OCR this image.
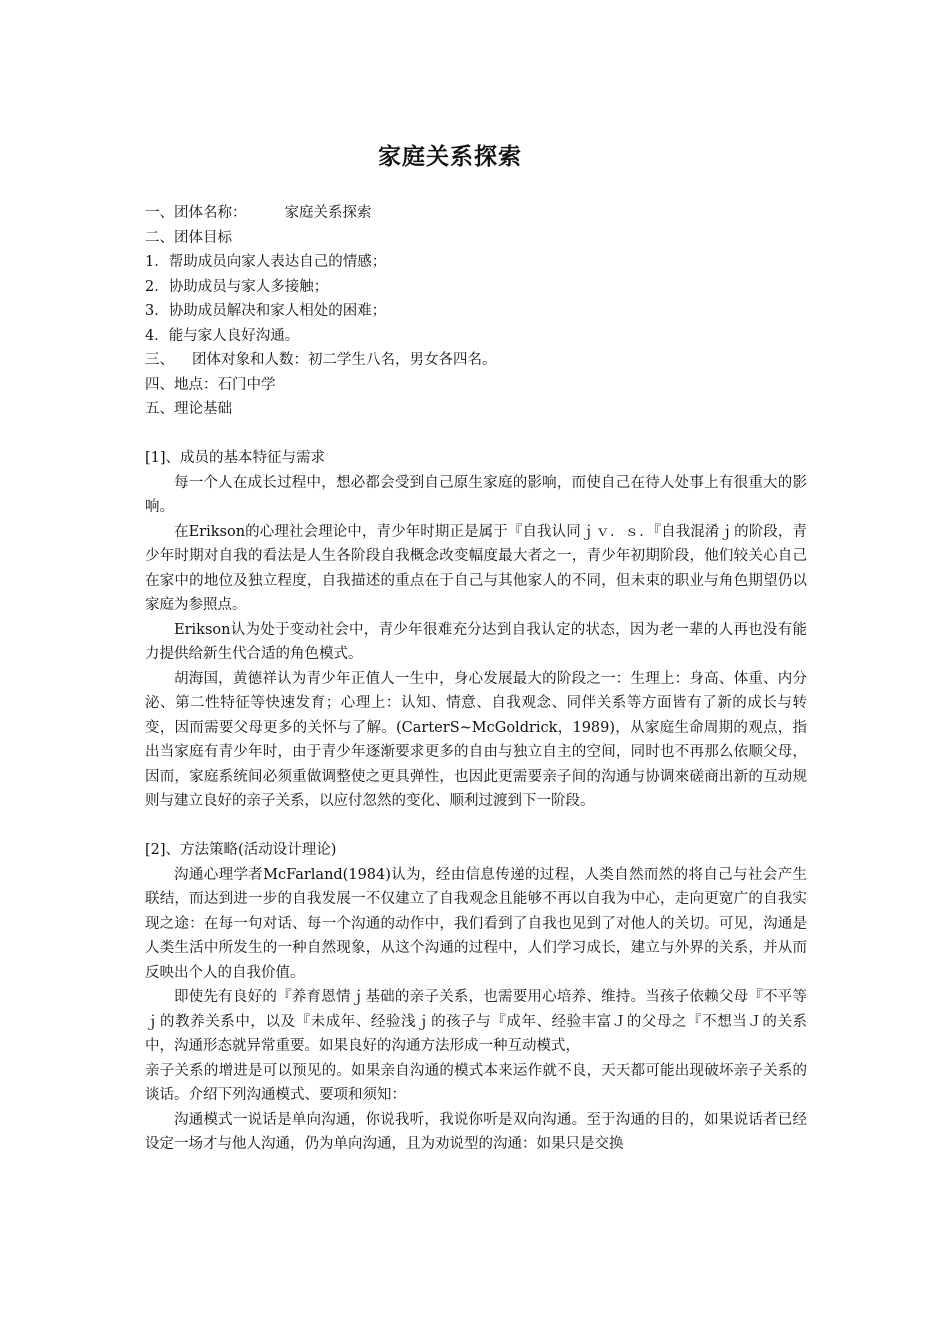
家庭关系探索
一、团体名称：	家庭关系探索
二、团体目标
1．帮助成员向家人表达自己的情感；
2．协助成员与家人多接触；
3．协助成员解决和家人相处的困难；
4．能与家人良好沟通。
三、 团体对象和人数：初二学生八名，男女各四名。
四、地点：石门中学
五、理论基础
[1]、成员的基本特征与需求

每一个人在成长过程中，想必都会受到自己原生家庭的影响，而使自己在待人处事上有很重大的影响。

在Erikson的心理社会理论中，青少年时期正是属于『自我认同ｊｖ．ｓ．『自我混淆ｊ的阶段，青少年时期对自我的看法是人生各阶段自我概念改变幅度最大者之一，青少年初期阶段，他们较关心自己在家中的地位及独立程度，自我描述的重点在于自己与其他家人的不同，但未束的职业与角色期望仍以家庭为参照点。

Erikson认为处于变动社会中，青少年很难充分达到自我认定的状态，因为老一辈的人再也没有能力提供给新生代合适的角色模式。

胡海国，黄德祥认为青少年正值人一生中，身心发展最大的阶段之一：生理上：身高、体重、内分泌、第二性特征等快速发育；心理上：认知、情意、自我观念、同伴关系等方面皆有了新的成长与转变，因而需要父母更多的关怀与了解。(CarterS~McGoldrick，1989)，从家庭生命周期的观点，指出当家庭有青少年时，由于青少年逐渐要求更多的自由与独立自主的空间，同时也不再那么依顺父母，因而，家庭系统间必须重做调整使之更具弹性，也因此更需要亲子间的沟通与协调來磋商出新的互动规则与建立良好的亲子关系，以应付忽然的变化、顺利过渡到下一阶段。

[2]、方法策略(活动设计理论)

沟通心理学者McFarland(1984)认为，经由信息传递的过程，人类自然而然的将自己与社会产生联结，而达到进一步的自我发展一不仅建立了自我观念且能够不再以自我为中心，走向更宽广的自我实现之途：在每一句对话、每一个沟通的动作中，我们看到了自我也见到了对他人的关切。可见，沟通是人类生活中所发生的一种自然现象，从这个沟通的过程中，人们学习成长，建立与外界的关系，并从而反映出个人的自我价值。

即使先有良好的『养育恩情ｊ基础的亲子关系，也需要用心培养、维持。当孩子依赖父母『不平等ｊ的教养关系中，以及『未成年、经验浅ｊ的孩子与『成年、经验丰富Ｊ的父母之『不想当Ｊ的关系中，沟通形态就异常重要。如果良好的沟通方法形成一种互动模式，

亲子关系的增进是可以预见的。如果亲自沟通的模式本来运作就不良，天天都可能出现破坏亲子关系的谈话。介绍下列沟通模式、要项和须知：

沟通模式一说话是单向沟通，你说我听，我说你听是双向沟通。至于沟通的目的，如果说话者已经设定一场才与他人沟通，仍为单向沟通，且为劝说型的沟通：如果只是交换
